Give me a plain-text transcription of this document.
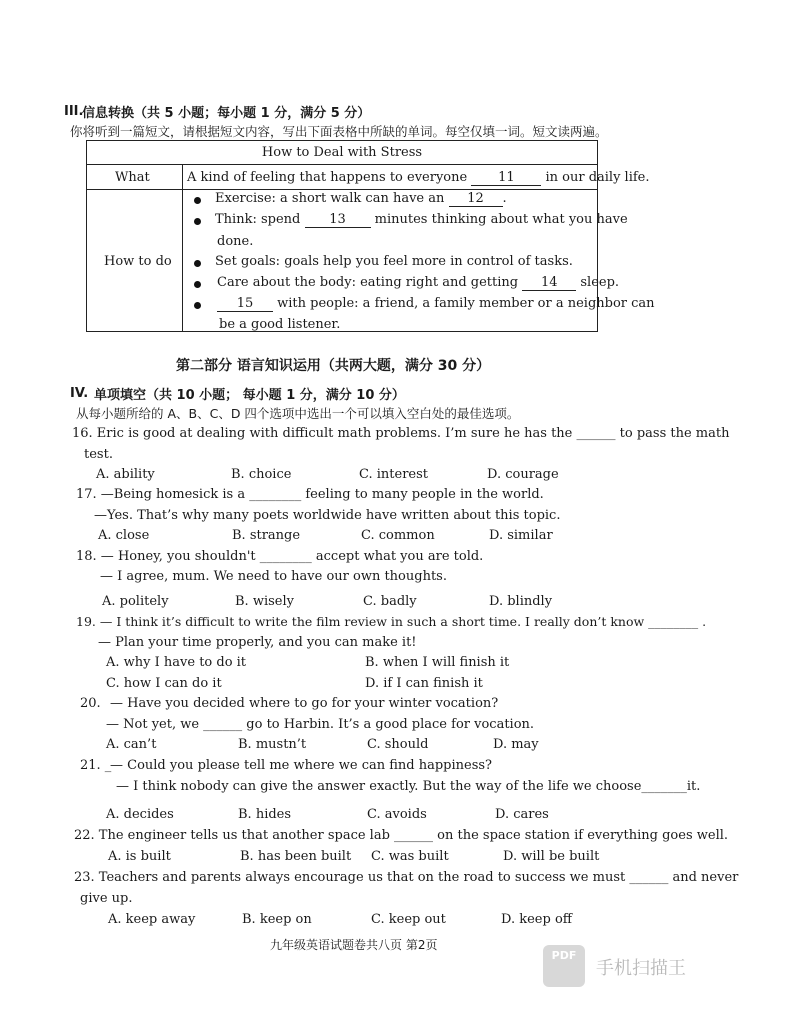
III.
信息转换（共 5 小题；每小题 1 分，满分 5 分）
你将听到一篇短文，请根据短文内容，写出下面表格中所缺的单词。每空仅填一词。短文读两遍。
How to Deal with Stress
What	A kind of feeling that happens to everyone 11 in our daily life.
How to do
Exercise: a short walk can have an 12 .
Think: spend 13 minutes thinking about what you have
done.
Set goals: goals help you feel more in control of tasks.
Care about the body: eating right and getting 14 sleep.
15 with people: a friend, a family member or a neighbor can
be a good listener.
第二部分 语言知识运用（共两大题，满分 30 分）
IV. 单项填空（共 10 小题； 每小题 1 分，满分 10 分）
从每小题所给的 A、B、C、D 四个选项中选出一个可以填入空白处的最佳选项。
16. Eric is good at dealing with difficult math problems. I’m sure he has the ______ to pass the math
test.
A. ability	B. choice	C. interest	D. courage
17. —Being homesick is a ________ feeling to many people in the world.
—Yes. That’s why many poets worldwide have written about this topic.
A. close	B. strange	C. common	D. similar
18. — Honey, you shouldn't ________ accept what you are told.
— I agree, mum. We need to have our own thoughts.
A. politely	B. wisely	C. badly	D. blindly
19. — I think it’s difficult to write the film review in such a short time. I really don’t know ________ .
— Plan your time properly, and you can make it!
A. why I have to do it	B. when I will finish it
C. how I can do it	D. if I can finish it
20. — Have you decided where to go for your winter vocation?
— Not yet, we ______ go to Harbin. It’s a good place for vocation.
A. can’t	B. mustn’t	C. should	D. may
21. _
— Could you please tell me where we can find happiness?
— I think nobody can give the answer exactly. But the way of the life we choose_______it.
A. decides	B. hides	C. avoids	D. cares
22. The engineer tells us that another space lab ______ on the space station if everything goes well.
A. is built	B. has been built C. was built	D. will be built
23. Teachers and parents always encourage us that on the road to success we must ______ and never
give up.
A. keep away	B. keep on	C. keep out	D. keep off
九年级英语试题卷共八页 第2页
PDF
手机扫描王
